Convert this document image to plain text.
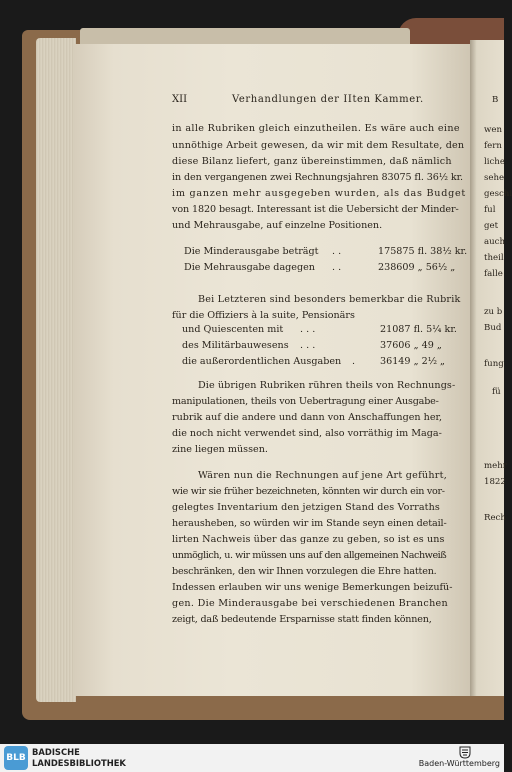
XII	Verhandlungen der IIten Kammer.

in alle Rubriken gleich einzutheilen. Es wäre auch eine

unnöthige Arbeit gewesen, da wir mit dem Resultate, den

diese Bilanz liefert, ganz übereinstimmen, daß nämlich

in den vergangenen zwei Rechnungsjahren 83075 fl. 36½ kr.

im ganzen mehr ausgegeben wurden, als das Budget

von 1820 besagt. Interessant ist die Uebersicht der Minder-

und Mehrausgabe, auf einzelne Positionen.

Die Minderausgabe beträgt . .	175875 fl. 38½ kr.

Die Mehrausgabe dagegen . .	238609 „ 56½ „

Bei Letzteren sind besonders bemerkbar die Rubrik

für die Offiziers à la suite, Pensionärs

und Quiescenten mit . . .	21087 fl. 5¼ kr.

des Militärbauwesens . . .	37606 „ 49 „

die außerordentlichen Ausgaben .	36149 „ 2½ „

Die übrigen Rubriken rühren theils von Rechnungs-

manipulationen, theils von Uebertragung einer Ausgabe-

rubrik auf die andere und dann von Anschaffungen her,

die noch nicht verwendet sind, also vorräthig im Maga-

zine liegen müssen.

Wären nun die Rechnungen auf jene Art geführt,

wie wir sie früher bezeichneten, könnten wir durch ein vor-

gelegtes Inventarium den jetzigen Stand des Vorraths

herausheben, so würden wir im Stande seyn einen detail-

lirten Nachweis über das ganze zu geben, so ist es uns

unmöglich, u. wir müssen uns auf den allgemeinen Nachweiß

beschränken, den wir Ihnen vorzulegen die Ehre hatten.

Indessen erlauben wir uns wenige Bemerkungen beizufü-

gen. Die Minderausgabe bei verschiedenen Branchen

zeigt, daß bedeutende Ersparnisse statt finden können,

B

wen

fern

liche

sehe

geschi

ful

get

auch

theil

falle

zu b

Bud

fung

fü

mehr

1822

Rech

BLB
BADISCHE
LANDESBIBLIOTHEK	Baden-Württemberg
